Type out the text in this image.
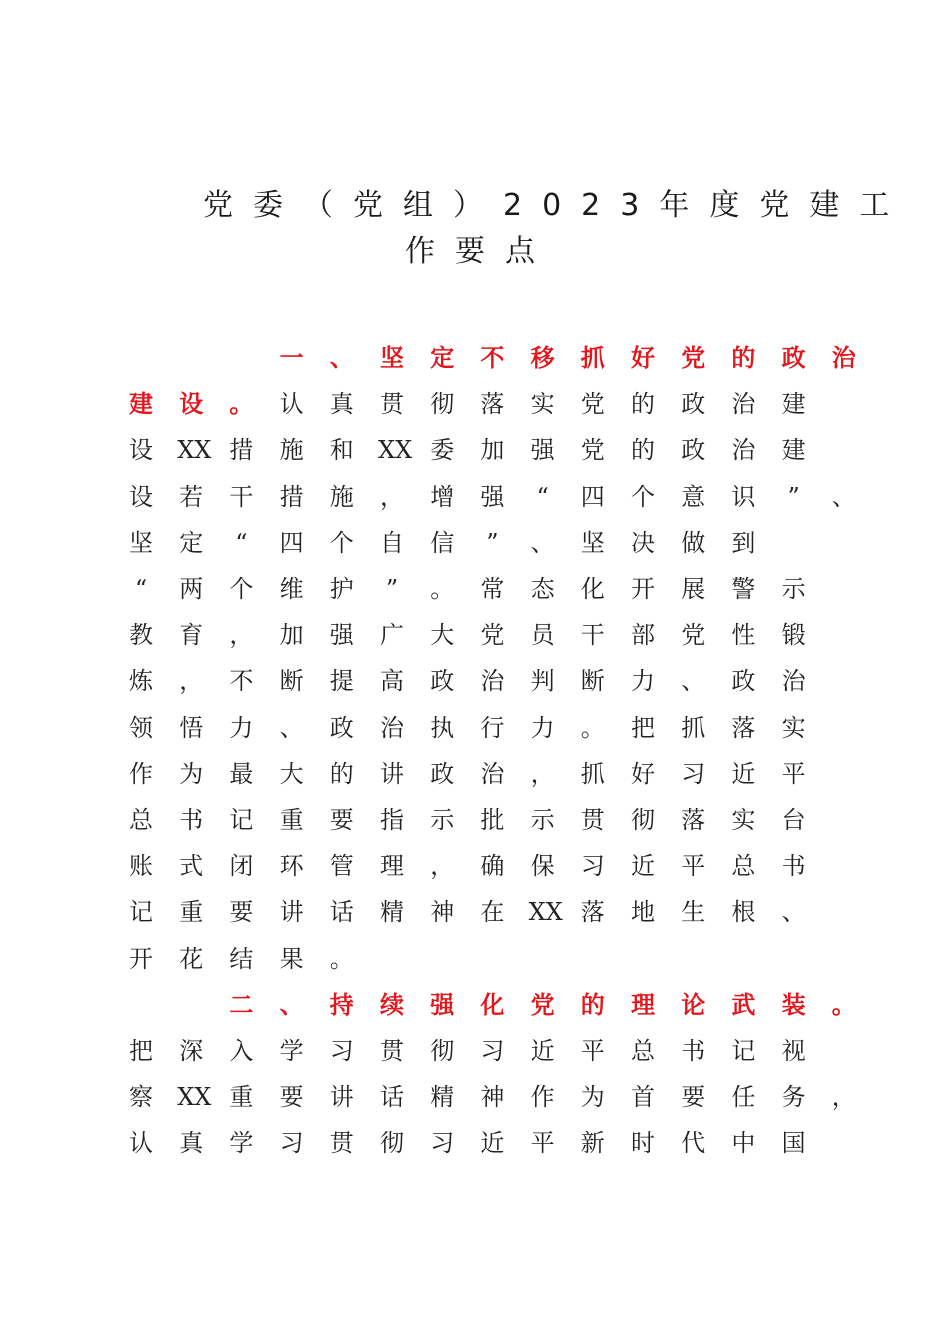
党委（党组）2023年度党建工
作要点
一 、 坚 定 不 移 抓 好 党 的 政 治
建 设 。 认 真 贯 彻 落 实 党 的 政 治 建
设 XX 措 施 和 XX 委 加 强 党 的 政 治 建
设 若 干 措 施 ， 增 强 “ 四 个 意 识 ” 、
坚 定 “ 四 个 自 信 ” 、 坚 决 做 到
“ 两 个 维 护 ” 。 常 态 化 开 展 警 示
教 育 ， 加 强 广 大 党 员 干 部 党 性 锻
炼 ， 不 断 提 高 政 治 判 断 力 、 政 治
领 悟 力 、 政 治 执 行 力 。 把 抓 落 实
作 为 最 大 的 讲 政 治 ， 抓 好 习 近 平
总 书 记 重 要 指 示 批 示 贯 彻 落 实 台
账 式 闭 环 管 理 ， 确 保 习 近 平 总 书
记 重 要 讲 话 精 神 在 XX 落 地 生 根 、
开 花 结 果 。
二 、 持 续 强 化 党 的 理 论 武 装 。
把 深 入 学 习 贯 彻 习 近 平 总 书 记 视
察 XX 重 要 讲 话 精 神 作 为 首 要 任 务 ，
认 真 学 习 贯 彻 习 近 平 新 时 代 中 国
